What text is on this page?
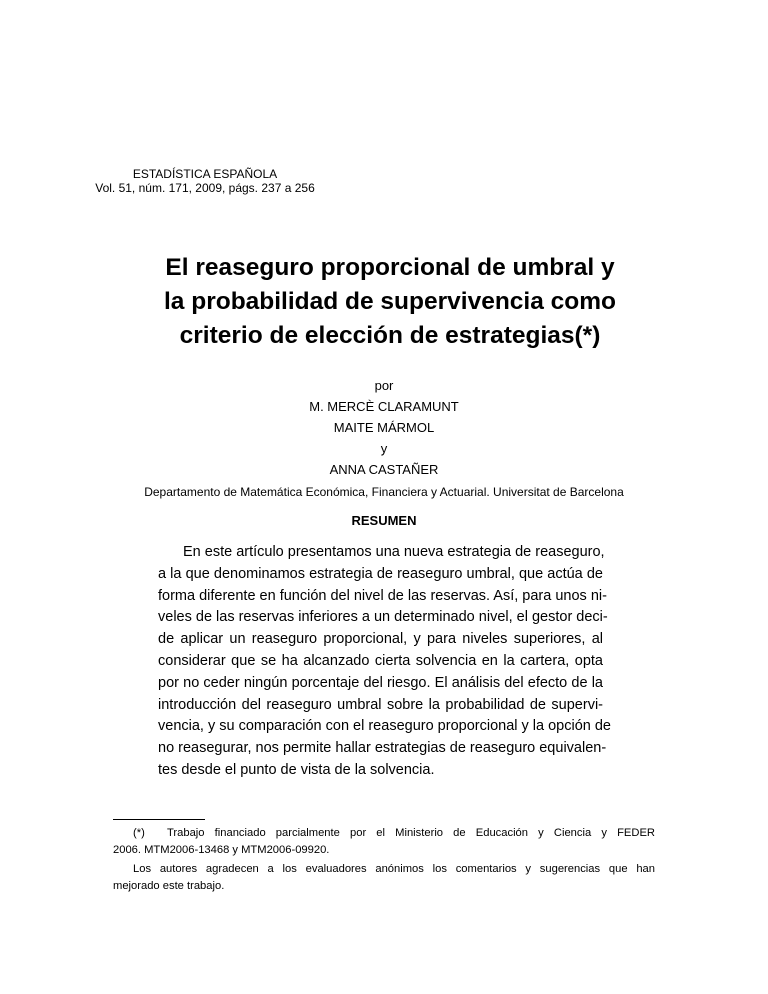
ESTADÍSTICA ESPAÑOLA
Vol. 51, núm. 171, 2009, págs. 237 a 256
El reaseguro proporcional de umbral y
la probabilidad de supervivencia como
criterio de elección de estrategias(*)
por
M. MERCÈ CLARAMUNT
MAITE MÁRMOL
y
ANNA CASTAÑER
Departamento de Matemática Económica, Financiera y Actuarial. Universitat de Barcelona
RESUMEN
En este artículo presentamos una nueva estrategia de reaseguro,
a la que denominamos estrategia de reaseguro umbral, que actúa de
forma diferente en función del nivel de las reservas. Así, para unos ni-
veles de las reservas inferiores a un determinado nivel, el gestor deci-
de aplicar un reaseguro proporcional, y para niveles superiores, al
considerar que se ha alcanzado cierta solvencia en la cartera, opta
por no ceder ningún porcentaje del riesgo. El análisis del efecto de la
introducción del reaseguro umbral sobre la probabilidad de supervi-
vencia, y su comparación con el reaseguro proporcional y la opción de
no reasegurar, nos permite hallar estrategias de reaseguro equivalen-
tes desde el punto de vista de la solvencia.
(*) Trabajo financiado parcialmente por el Ministerio de Educación y Ciencia y FEDER
2006. MTM2006-13468 y MTM2006-09920.
Los autores agradecen a los evaluadores anónimos los comentarios y sugerencias que han
mejorado este trabajo.
